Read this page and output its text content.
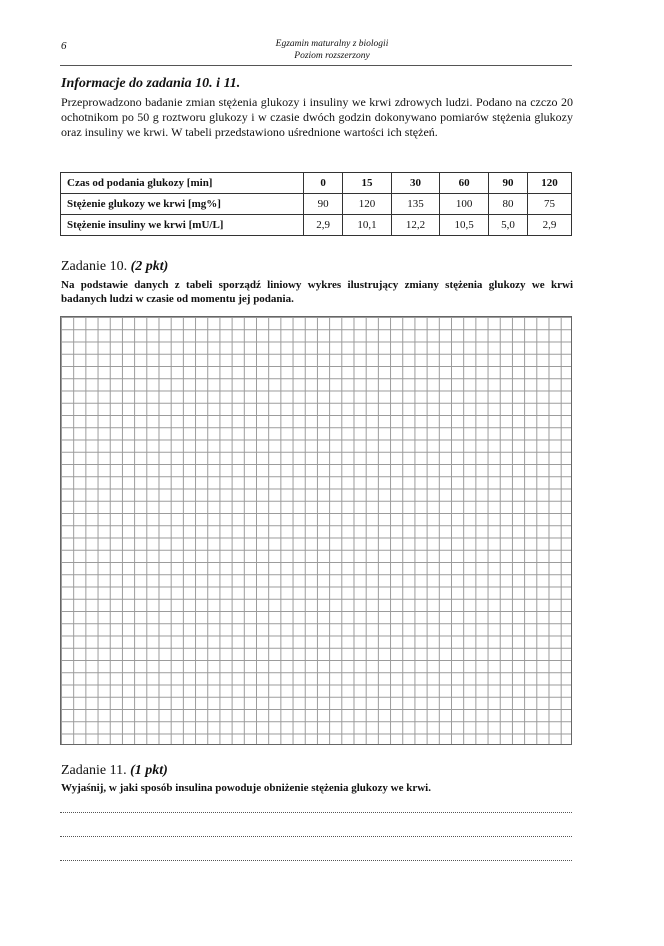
6	Egzamin maturalny z biologii
Poziom rozszerzony
Informacje do zadania 10. i 11.

Przeprowadzono badanie zmian stężenia glukozy i insuliny we krwi zdrowych ludzi. Podano na czczo 20 ochotnikom po 50 g roztworu glukozy i w czasie dwóch godzin dokonywano pomiarów stężenia glukozy oraz insuliny we krwi. W tabeli przedstawiono uśrednione wartości ich stężeń.

Czas od podania glukozy [min]	0	15	30	60	90	120
Stężenie glukozy we krwi [mg%]	90	120	135	100	80	75
Stężenie insuliny we krwi [mU/L]	2,9	10,1	12,2	10,5	5,0	2,9
Zadanie 10. (2 pkt)

Na podstawie danych z tabeli sporządź liniowy wykres ilustrujący zmiany stężenia glukozy we krwi badanych ludzi w czasie od momentu jej podania.

Zadanie 11. (1 pkt)

Wyjaśnij, w jaki sposób insulina powoduje obniżenie stężenia glukozy we krwi.
